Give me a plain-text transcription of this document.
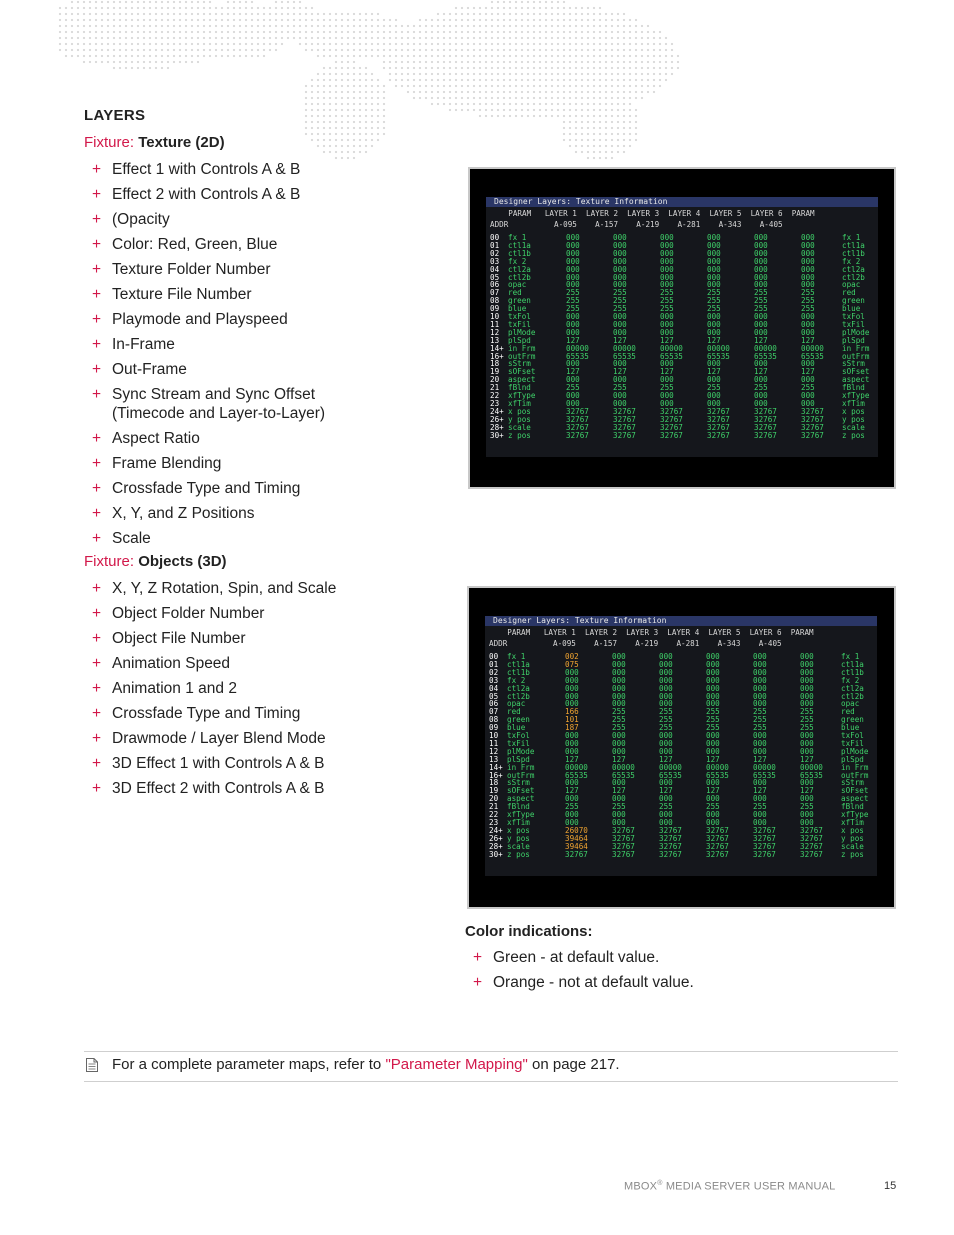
LAYERS
Fixture: Texture (2D)
+ Effect 1 with Controls A & B
+ Effect 2 with Controls A & B
+ (Opacity
+ Color: Red, Green, Blue
+ Texture Folder Number
+ Texture File Number
+ Playmode and Playspeed
+ In-Frame
+ Out-Frame
+ Sync Stream and Sync Offset
(Timecode and Layer-to-Layer)
+ Aspect Ratio
+ Frame Blending
+ Crossfade Type and Timing
+ X, Y, and Z Positions
+ Scale
Fixture: Objects (3D)
+ X, Y, Z Rotation, Spin, and Scale
+ Object Folder Number
+ Object File Number
+ Animation Speed
+ Animation 1 and 2
+ Crossfade Type and Timing
+ Drawmode / Layer Blend Mode
+ 3D Effect 1 with Controls A & B
+ 3D Effect 2 with Controls A & B
Designer Layers: Texture Information
PARAM   LAYER 1  LAYER 2  LAYER 3  LAYER 4  LAYER 5  LAYER 6  PARAM
ADDR          A-095    A-157    A-219    A-281    A-343    A-405
00 fx 1	000	000	000	000	000	000	fx 1
01 ctl1a	000	000	000	000	000	000	ctl1a
02 ctl1b	000	000	000	000	000	000	ctl1b
03 fx 2	000	000	000	000	000	000	fx 2
04 ctl2a	000	000	000	000	000	000	ctl2a
05 ctl2b	000	000	000	000	000	000	ctl2b
06 opac	000	000	000	000	000	000	opac
07 red	255	255	255	255	255	255	red
08 green	255	255	255	255	255	255	green
09 blue	255	255	255	255	255	255	blue
10 txFol	000	000	000	000	000	000	txFol
11 txFil	000	000	000	000	000	000	txFil
12 plMode	000	000	000	000	000	000	plMode
13 plSpd	127	127	127	127	127	127	plSpd
14+ in Frm	00000	00000	00000	00000	00000	00000 in Frm
16+ outFrm	65535	65535	65535	65535	65535	65535 outFrm
18 sStrm	000	000	000	000	000	000	sStrm
19 sOFset	127	127	127	127	127	127	sOFset
20 aspect	000	000	000	000	000	000	aspect
21 fBlnd	255	255	255	255	255	255	fBlnd
22 xfType	000	000	000	000	000	000	xfType
23 xfTim	000	000	000	000	000	000	xfTim
24+ x pos	32767	32767	32767	32767	32767	32767 x pos
26+ y pos	32767	32767	32767	32767	32767	32767 y pos
28+ scale	32767	32767	32767	32767	32767	32767 scale
30+ z pos	32767	32767	32767	32767	32767	32767 z pos
Designer Layers: Texture Information
PARAM   LAYER 1  LAYER 2  LAYER 3  LAYER 4  LAYER 5  LAYER 6  PARAM
ADDR          A-095    A-157    A-219    A-281    A-343    A-405
00 fx 1	002	000	000	000	000	000	fx 1
01 ctl1a	075	000	000	000	000	000	ctl1a
02 ctl1b	000	000	000	000	000	000	ctl1b
03 fx 2	000	000	000	000	000	000	fx 2
04 ctl2a	000	000	000	000	000	000	ctl2a
05 ctl2b	000	000	000	000	000	000	ctl2b
06 opac	000	000	000	000	000	000	opac
07 red	166	255	255	255	255	255	red
08 green	101	255	255	255	255	255	green
09 blue	187	255	255	255	255	255	blue
10 txFol	000	000	000	000	000	000	txFol
11 txFil	000	000	000	000	000	000	txFil
12 plMode	000	000	000	000	000	000	plMode
13 plSpd	127	127	127	127	127	127	plSpd
14+ in Frm	00000	00000	00000	00000	00000	00000 in Frm
16+ outFrm	65535	65535	65535	65535	65535	65535 outFrm
18 sStrm	000	000	000	000	000	000	sStrm
19 sOFset	127	127	127	127	127	127	sOFset
20 aspect	000	000	000	000	000	000	aspect
21 fBlnd	255	255	255	255	255	255	fBlnd
22 xfType	000	000	000	000	000	000	xfType
23 xfTim	000	000	000	000	000	000	xfTim
24+ x pos	26070	32767	32767	32767	32767	32767 x pos
26+ y pos	39464	32767	32767	32767	32767	32767 y pos
28+ scale	39464	32767	32767	32767	32767	32767 scale
30+ z pos	32767	32767	32767	32767	32767	32767 z pos
Color indications:
+ Green - at default value.
+ Orange - not at default value.
For a complete parameter maps, refer to "Parameter Mapping" on page 217.
MBOX® MEDIA SERVER USER MANUAL	15
